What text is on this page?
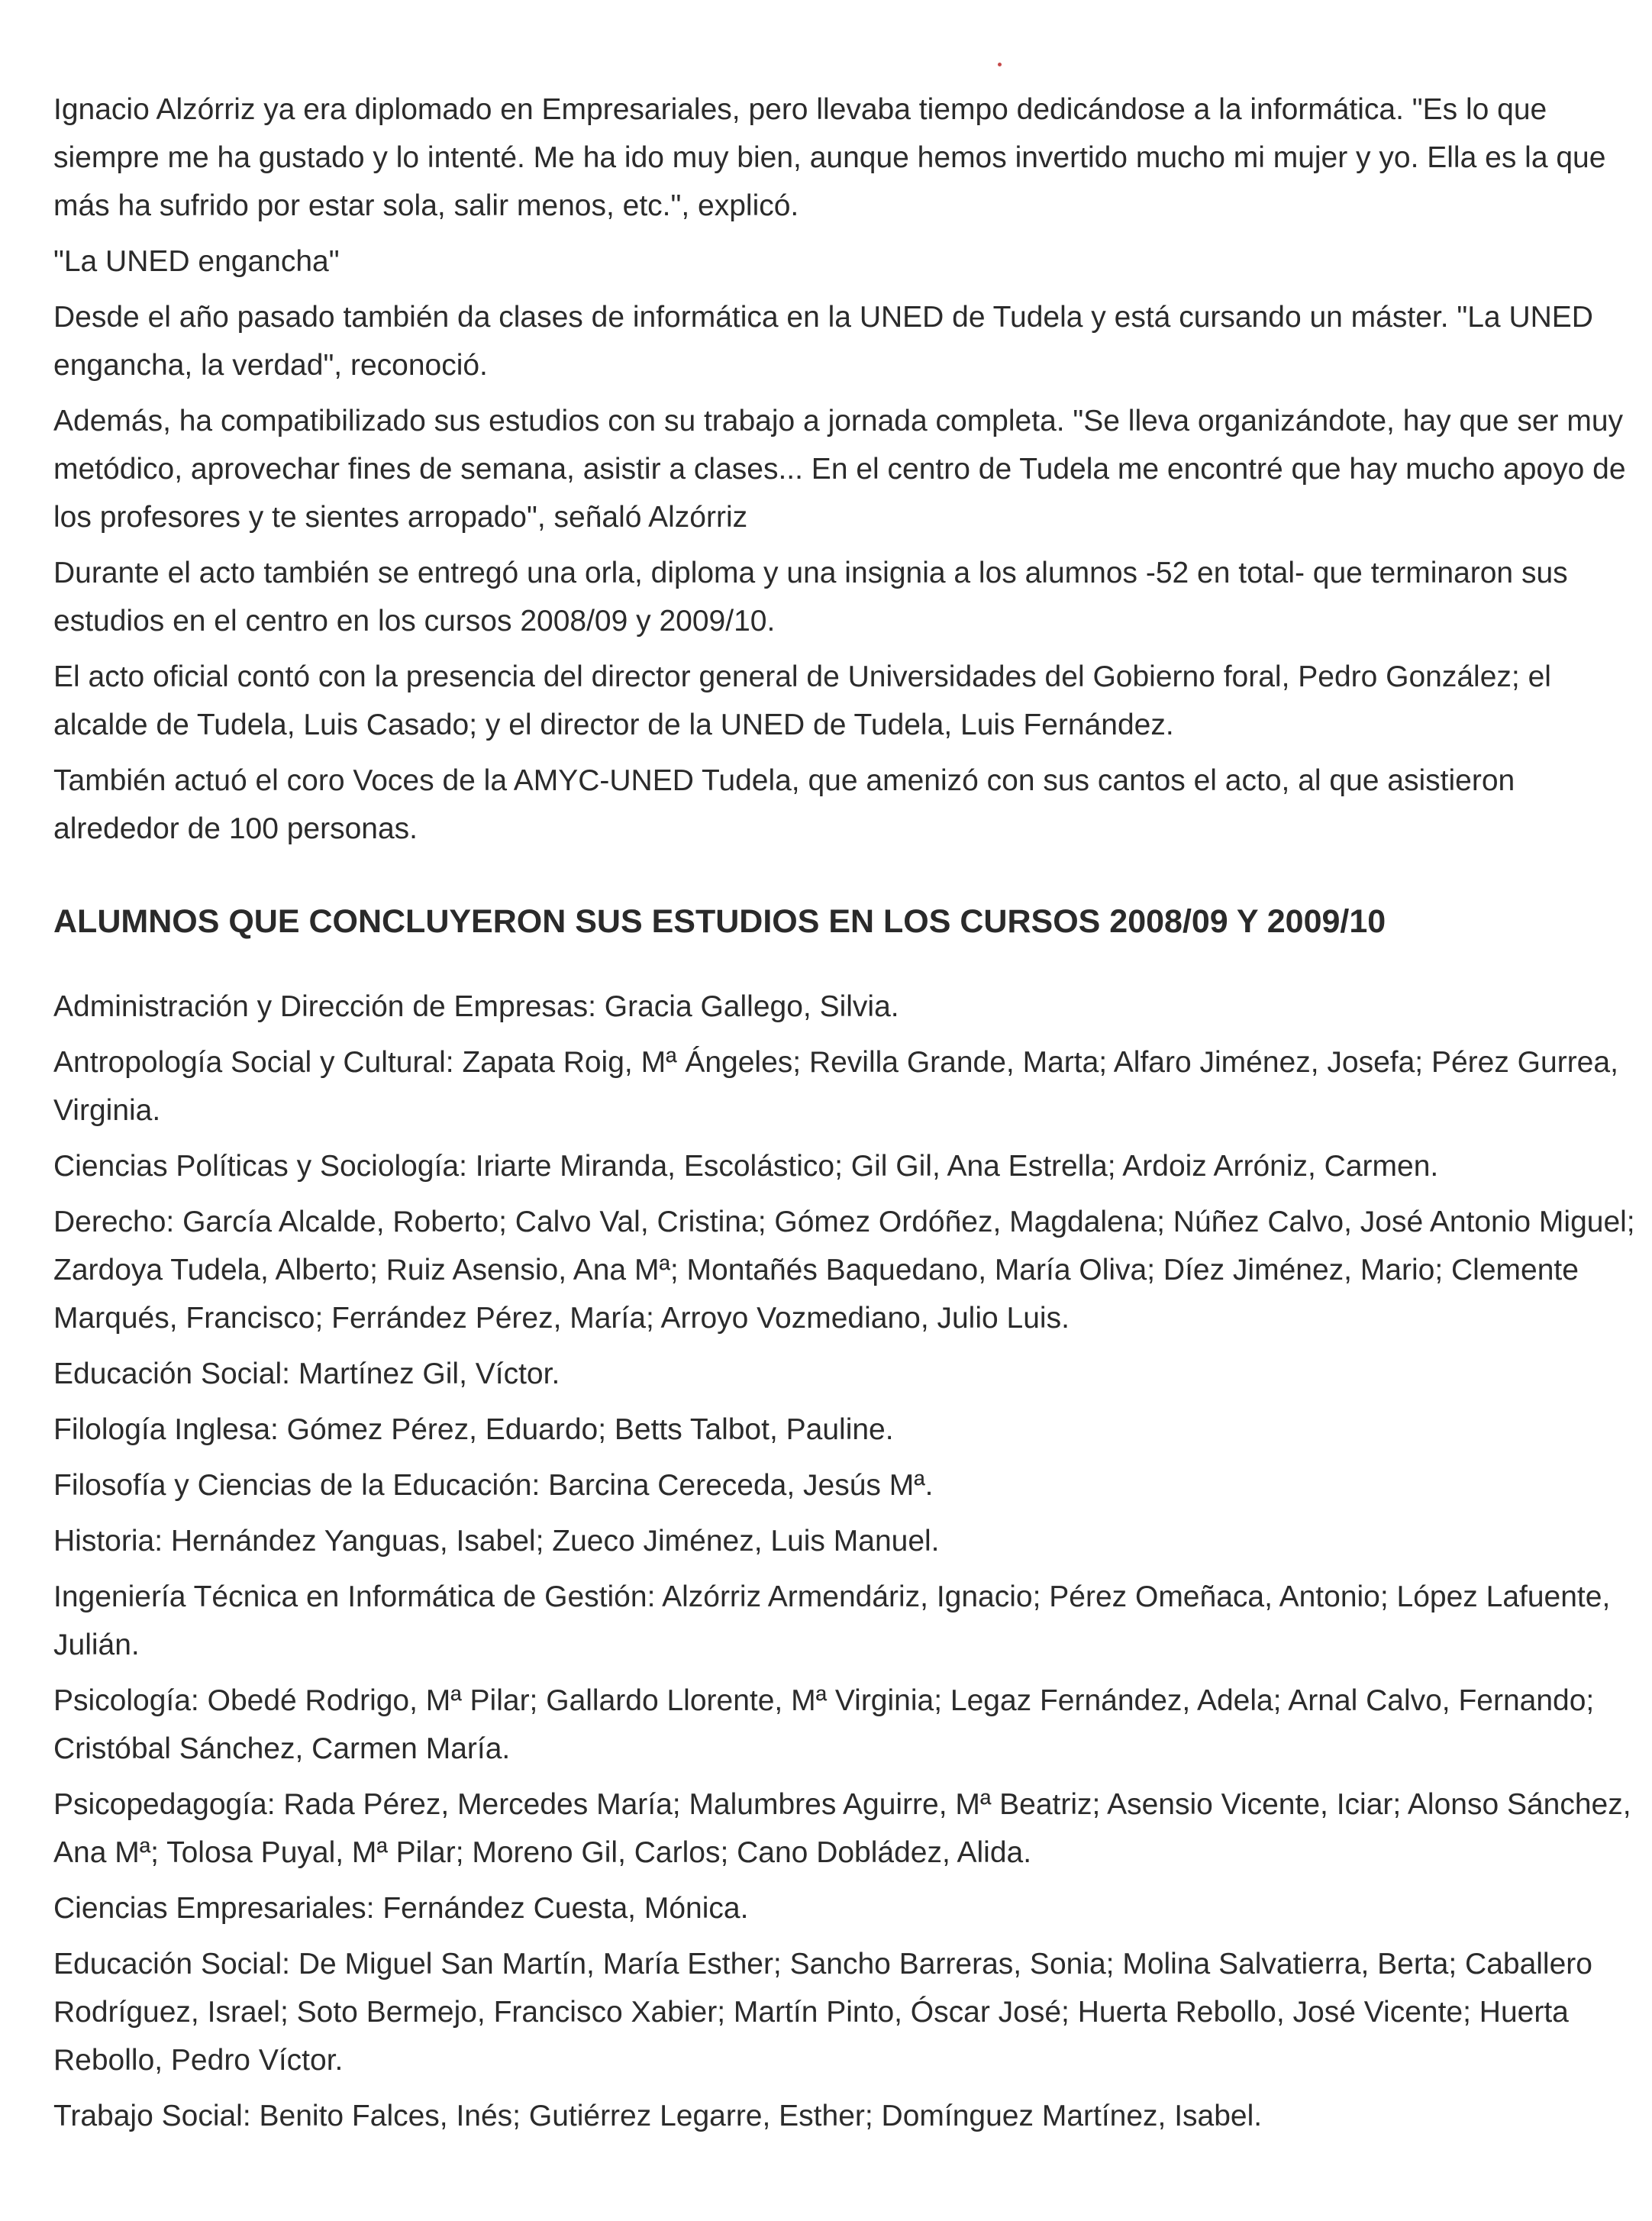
Ignacio Alzórriz ya era diplomado en Empresariales, pero llevaba tiempo dedicándose a la informática. "Es lo que siempre me ha gustado y lo intenté. Me ha ido muy bien, aunque hemos invertido mucho mi mujer y yo. Ella es la que más ha sufrido por estar sola, salir menos, etc.", explicó.

"La UNED engancha"

Desde el año pasado también da clases de informática en la UNED de Tudela y está cursando un máster. "La UNED engancha, la verdad", reconoció.

Además, ha compatibilizado sus estudios con su trabajo a jornada completa. "Se lleva organizándote, hay que ser muy metódico, aprovechar fines de semana, asistir a clases... En el centro de Tudela me encontré que hay mucho apoyo de los profesores y te sientes arropado", señaló Alzórriz

Durante el acto también se entregó una orla, diploma y una insignia a los alumnos -52 en total- que terminaron sus estudios en el centro en los cursos 2008/09 y 2009/10.

El acto oficial contó con la presencia del director general de Universidades del Gobierno foral, Pedro González; el alcalde de Tudela, Luis Casado; y el director de la UNED de Tudela, Luis Fernández.

También actuó el coro Voces de la AMYC-UNED Tudela, que amenizó con sus cantos el acto, al que asistieron alrededor de 100 personas.

ALUMNOS QUE CONCLUYERON SUS ESTUDIOS EN LOS CURSOS 2008/09 Y 2009/10

Administración y Dirección de Empresas: Gracia Gallego, Silvia.

Antropología Social y Cultural: Zapata Roig, Mª Ángeles; Revilla Grande, Marta; Alfaro Jiménez, Josefa; Pérez Gurrea, Virginia.

Ciencias Políticas y Sociología: Iriarte Miranda, Escolástico; Gil Gil, Ana Estrella; Ardoiz Arróniz, Carmen.

Derecho: García Alcalde, Roberto; Calvo Val, Cristina; Gómez Ordóñez, Magdalena; Núñez Calvo, José Antonio Miguel; Zardoya Tudela, Alberto; Ruiz Asensio, Ana Mª; Montañés Baquedano, María Oliva; Díez Jiménez, Mario; Clemente Marqués, Francisco; Ferrández Pérez, María; Arroyo Vozmediano, Julio Luis.

Educación Social: Martínez Gil, Víctor.

Filología Inglesa: Gómez Pérez, Eduardo; Betts Talbot, Pauline.

Filosofía y Ciencias de la Educación: Barcina Cereceda, Jesús Mª.

Historia: Hernández Yanguas, Isabel; Zueco Jiménez, Luis Manuel.

Ingeniería Técnica en Informática de Gestión: Alzórriz Armendáriz, Ignacio; Pérez Omeñaca, Antonio; López Lafuente, Julián.

Psicología: Obedé Rodrigo, Mª Pilar; Gallardo Llorente, Mª Virginia; Legaz Fernández, Adela; Arnal Calvo, Fernando; Cristóbal Sánchez, Carmen María.

Psicopedagogía: Rada Pérez, Mercedes María; Malumbres Aguirre, Mª Beatriz; Asensio Vicente, Iciar; Alonso Sánchez, Ana Mª; Tolosa Puyal, Mª Pilar; Moreno Gil, Carlos; Cano Dobládez, Alida.

Ciencias Empresariales: Fernández Cuesta, Mónica.

Educación Social: De Miguel San Martín, María Esther; Sancho Barreras, Sonia; Molina Salvatierra, Berta; Caballero Rodríguez, Israel; Soto Bermejo, Francisco Xabier; Martín Pinto, Óscar José; Huerta Rebollo, José Vicente; Huerta Rebollo, Pedro Víctor.

Trabajo Social: Benito Falces, Inés; Gutiérrez Legarre, Esther; Domínguez Martínez, Isabel.
